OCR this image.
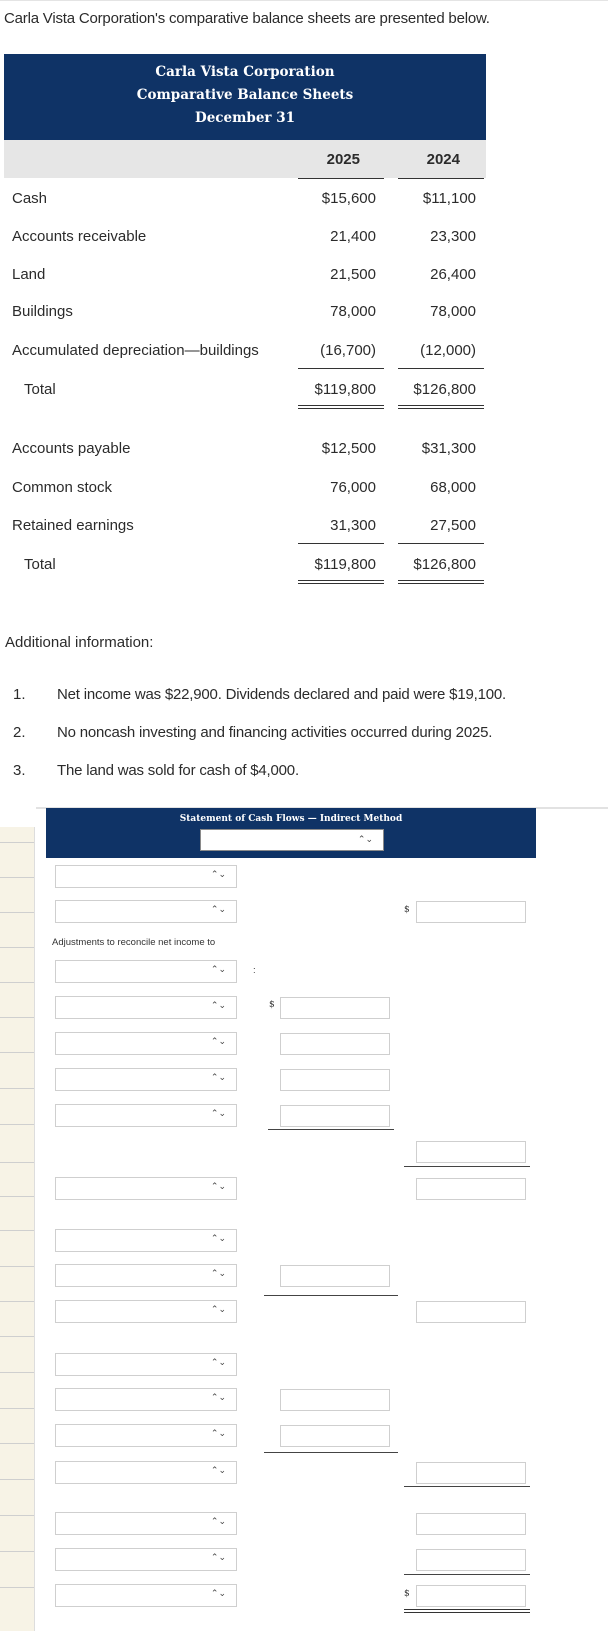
Carla Vista Corporation's comparative balance sheets are presented below.
Carla Vista Corporation
Comparative Balance Sheets
December 31
2025	2024
Cash	$15,600	$11,100
Accounts receivable	21,400	23,300
Land	21,500	26,400
Buildings	78,000	78,000
Accumulated depreciation—buildings	(16,700)	(12,000)
Total	$119,800	$126,800
Accounts payable	$12,500	$31,300
Common stock	76,000	68,000
Retained earnings	31,300	27,500
Total	$119,800	$126,800
Additional information:
1.	Net income was $22,900. Dividends declared and paid were $19,100.
2.	No noncash investing and financing activities occurred during 2025.
3.	The land was sold for cash of $4,000.
Statement of Cash Flows — Indirect Method
⌃⌄
⌃⌄
⌃⌄	$
Adjustments to reconcile net income to
⌃⌄	:
⌃⌄	$
⌃⌄
⌃⌄
⌃⌄
⌃⌄
⌃⌄
⌃⌄
⌃⌄
⌃⌄
⌃⌄
⌃⌄
⌃⌄
⌃⌄
⌃⌄
⌃⌄	$
